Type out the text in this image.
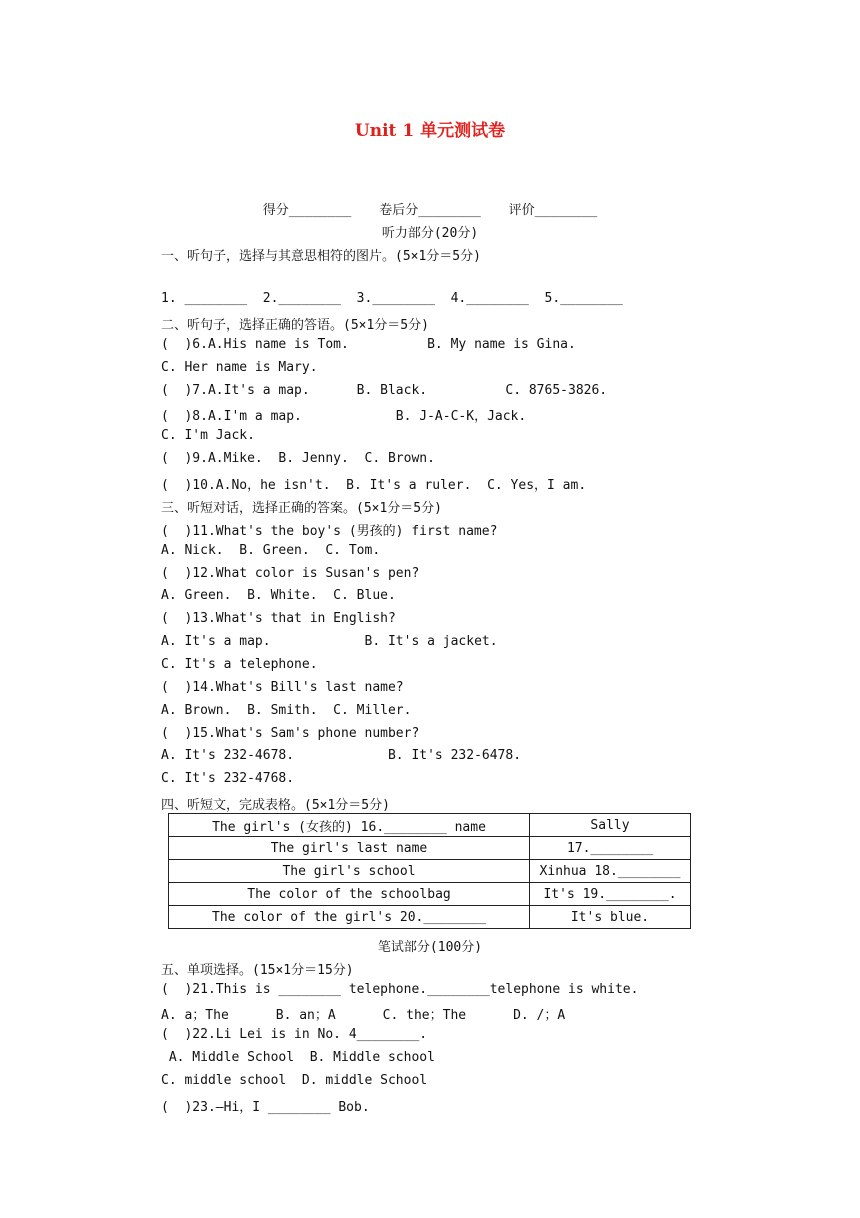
Unit 1 单元测试卷
得分________ 卷后分________ 评价________
听力部分(20分)
一、听句子，选择与其意思相符的图片。(5×1分＝5分)
1. ________  2.________  3.________  4.________  5.________
二、听句子，选择正确的答语。(5×1分＝5分)
(  )6.A.His name is Tom.          B. My name is Gina.
C. Her name is Mary.
(  )7.A.It's a map.      B. Black.          C. 8765-3826.
(  )8.A.I'm a map.            B. J-A-C-K，Jack.
C. I'm Jack.
(  )9.A.Mike.  B. Jenny.  C. Brown.
(  )10.A.No，he isn't.  B. It's a ruler.  C. Yes，I am.
三、听短对话，选择正确的答案。(5×1分＝5分)
(  )11.What's the boy's (男孩的) first name?
A. Nick.  B. Green.  C. Tom.
(  )12.What color is Susan's pen?
A. Green.  B. White.  C. Blue.
(  )13.What's that in English?
A. It's a map.            B. It's a jacket.
C. It's a telephone.
(  )14.What's Bill's last name?
A. Brown.  B. Smith.  C. Miller.
(  )15.What's Sam's phone number?
A. It's 232-4678.            B. It's 232-6478.
C. It's 232-4768.
四、听短文，完成表格。(5×1分＝5分)
The girl's (女孩的) 16.________ name	Sally
The girl's last name	17.________
The girl's school	Xinhua 18.________
The color of the schoolbag	It's 19.________.
The color of the girl's 20.________	It's blue.
笔试部分(100分)
五、单项选择。(15×1分＝15分)
(  )21.This is ________ telephone.________telephone is white.
A. a；The      B. an；A      C. the；The      D. /；A
(  )22.Li Lei is in No. 4________.
A. Middle School  B. Middle school
C. middle school  D. middle School
(  )23.—Hi，I ________ Bob.
